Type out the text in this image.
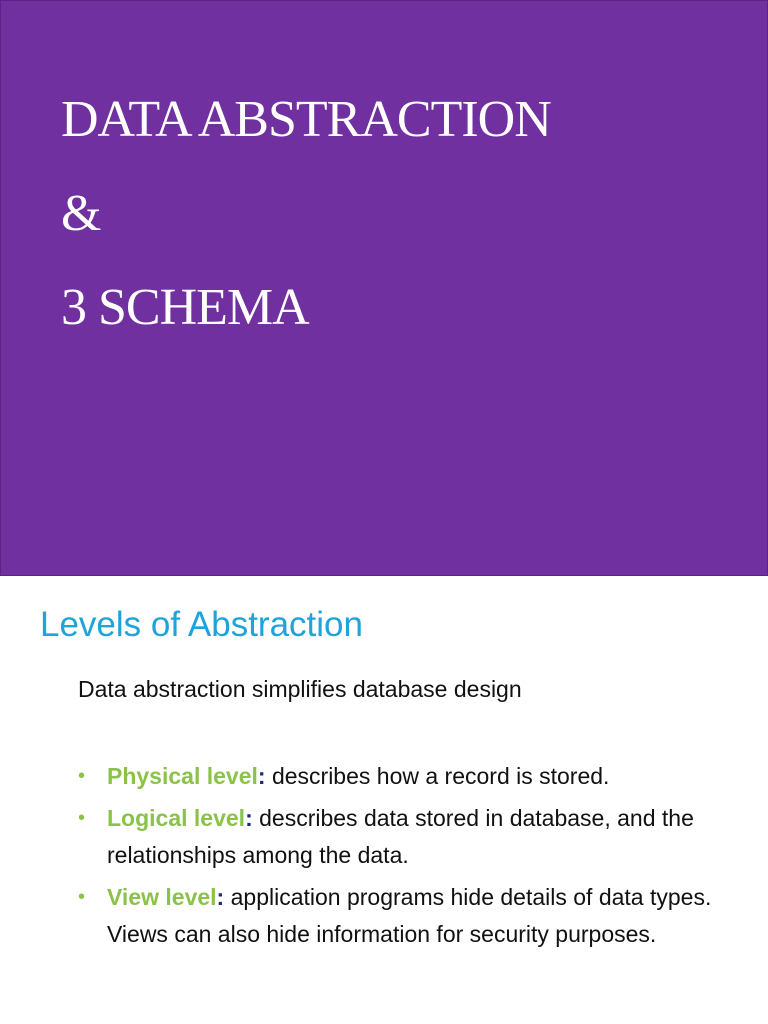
DATA ABSTRACTION
&
3 SCHEMA
Levels of Abstraction

Data abstraction simplifies database design

• Physical level: describes how a record is stored.
• Logical level: describes data stored in database, and the relationships among the data.
• View level: application programs hide details of data types. Views can also hide information for security purposes.
